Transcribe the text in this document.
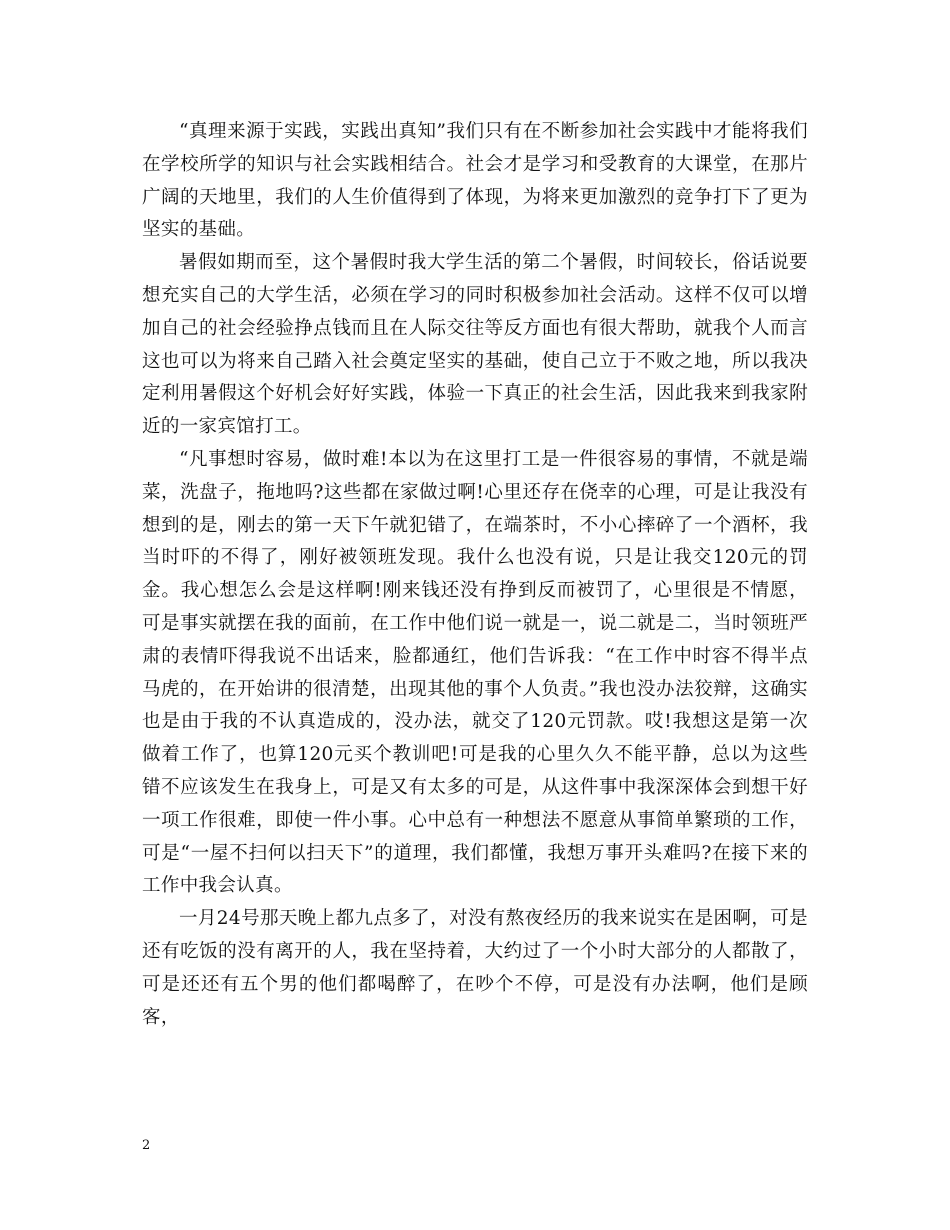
“真理来源于实践，实践出真知”我们只有在不断参加社会实践中才能将我们在学校所学的知识与社会实践相结合。社会才是学习和受教育的大课堂，在那片广阔的天地里，我们的人生价值得到了体现，为将来更加激烈的竞争打下了更为坚实的基础。

暑假如期而至，这个暑假时我大学生活的第二个暑假，时间较长，俗话说要想充实自己的大学生活，必须在学习的同时积极参加社会活动。这样不仅可以增加自己的社会经验挣点钱而且在人际交往等反方面也有很大帮助，就我个人而言这也可以为将来自己踏入社会奠定坚实的基础，使自己立于不败之地，所以我决定利用暑假这个好机会好好实践，体验一下真正的社会生活，因此我来到我家附近的一家宾馆打工。

“凡事想时容易，做时难!本以为在这里打工是一件很容易的事情，不就是端菜，洗盘子，拖地吗?这些都在家做过啊!心里还存在侥幸的心理，可是让我没有想到的是，刚去的第一天下午就犯错了，在端茶时，不小心摔碎了一个酒杯，我当时吓的不得了，刚好被领班发现。我什么也没有说，只是让我交120元的罚金。我心想怎么会是这样啊!刚来钱还没有挣到反而被罚了，心里很是不情愿，可是事实就摆在我的面前，在工作中他们说一就是一，说二就是二，当时领班严肃的表情吓得我说不出话来，脸都通红，他们告诉我：“在工作中时容不得半点马虎的，在开始讲的很清楚，出现其他的事个人负责。”我也没办法狡辩，这确实也是由于我的不认真造成的，没办法，就交了120元罚款。哎!我想这是第一次做着工作了，也算120元买个教训吧!可是我的心里久久不能平静，总以为这些错不应该发生在我身上，可是又有太多的可是，从这件事中我深深体会到想干好一项工作很难，即使一件小事。心中总有一种想法不愿意从事简单繁琐的工作，可是“一屋不扫何以扫天下”的道理，我们都懂，我想万事开头难吗?在接下来的工作中我会认真。

一月24号那天晚上都九点多了，对没有熬夜经历的我来说实在是困啊，可是还有吃饭的没有离开的人，我在坚持着，大约过了一个小时大部分的人都散了，可是还还有五个男的他们都喝醉了，在吵个不停，可是没有办法啊，他们是顾客，

2
